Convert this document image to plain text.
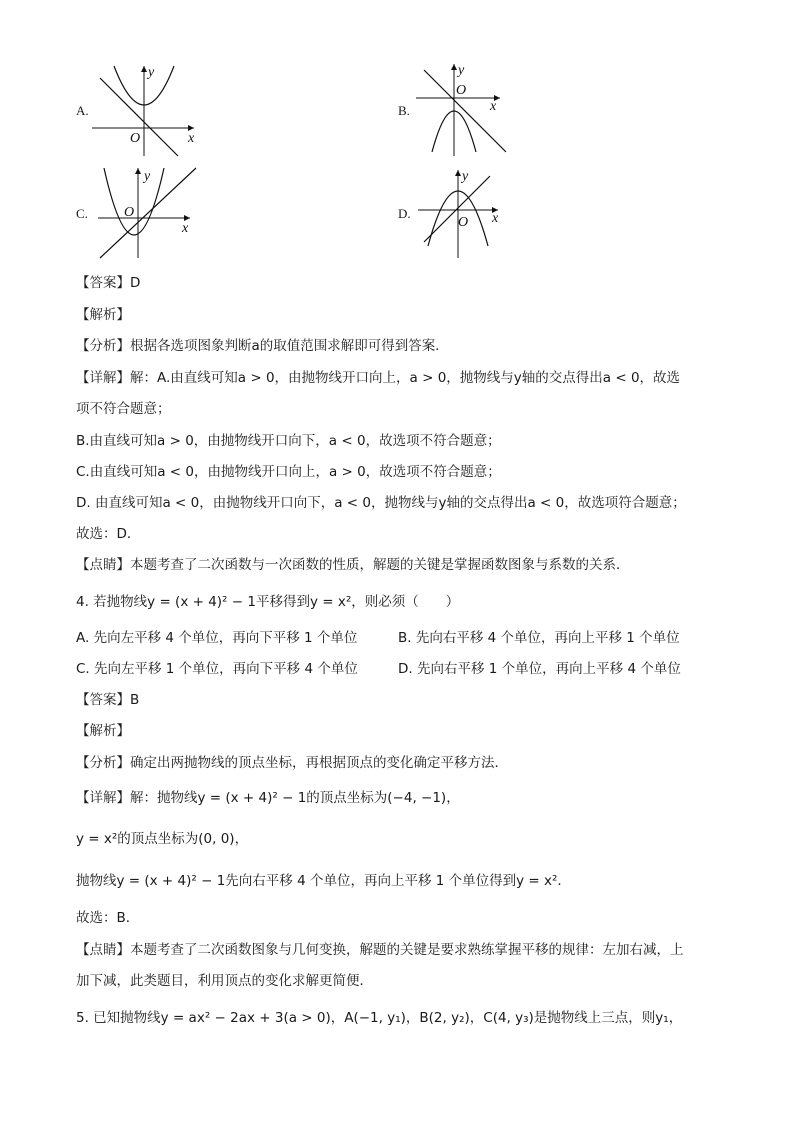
A.
x
y
O
B.	x
y
O
C.
x
y
O	D.	x
y
O
【答案】D
【解析】
【分析】根据各选项图象判断a的取值范围求解即可得到答案．
【详解】解：A.由直线可知a > 0，由抛物线开口向上，a > 0，抛物线与y轴的交点得出a < 0，故选
项不符合题意；
B.由直线可知a > 0，由抛物线开口向下，a < 0，故选项不符合题意；
C.由直线可知a < 0，由抛物线开口向上，a > 0，故选项不符合题意；
D. 由直线可知a < 0，由抛物线开口向下，a < 0，抛物线与y轴的交点得出a < 0，故选项符合题意；
故选：D．
【点睛】本题考查了二次函数与一次函数的性质，解题的关键是掌握函数图象与系数的关系．
4. 若抛物线y = (x + 4)² − 1平移得到y = x²，则必须（　　）
A. 先向左平移 4 个单位，再向下平移 1 个单位	B. 先向右平移 4 个单位，再向上平移 1 个单位
C. 先向左平移 1 个单位，再向下平移 4 个单位	D. 先向右平移 1 个单位，再向上平移 4 个单位
【答案】B
【解析】
【分析】确定出两抛物线的顶点坐标，再根据顶点的变化确定平移方法．
【详解】解：抛物线y = (x + 4)² − 1的顶点坐标为(−4, −1)，
y = x²的顶点坐标为(0, 0)，
抛物线y = (x + 4)² − 1先向右平移 4 个单位，再向上平移 1 个单位得到y = x²．
故选：B．
【点睛】本题考查了二次函数图象与几何变换，解题的关键是要求熟练掌握平移的规律：左加右减，上
加下减，此类题目，利用顶点的变化求解更简便．
5. 已知抛物线y = ax² − 2ax + 3(a > 0)，A(−1, y₁)，B(2, y₂)，C(4, y₃)是抛物线上三点，则y₁，
